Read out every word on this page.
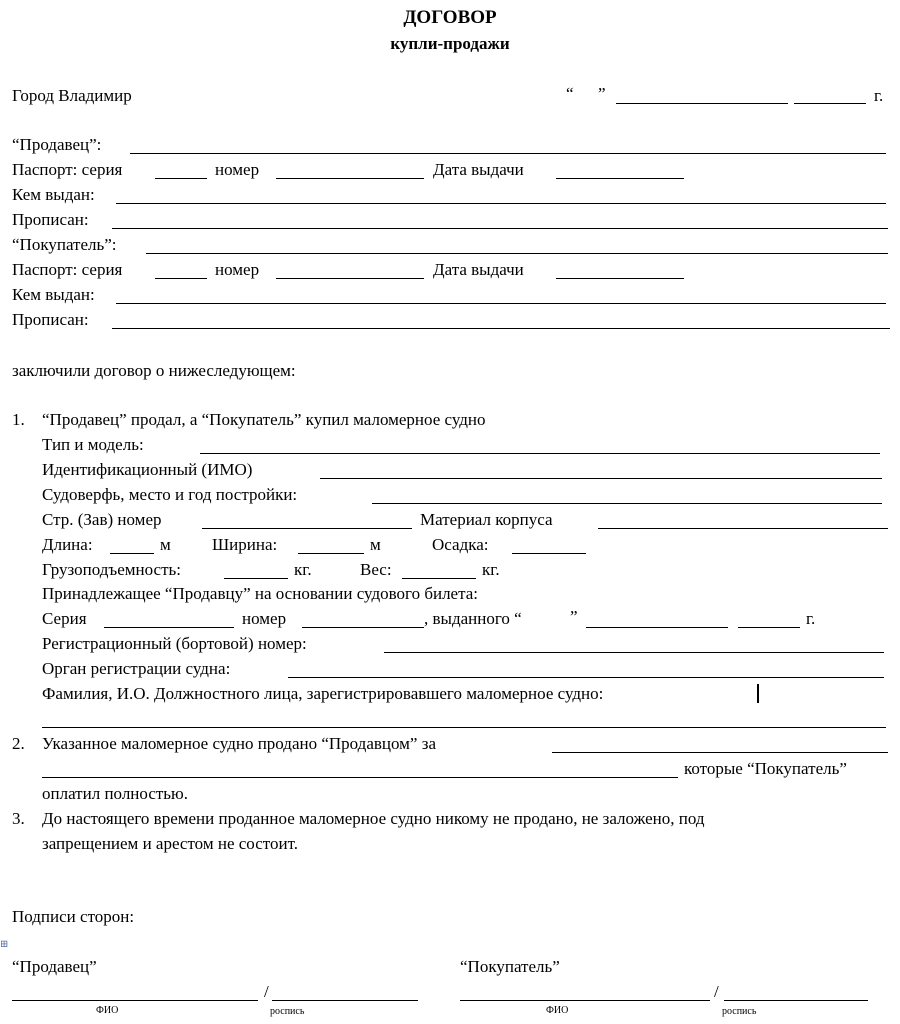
ДОГОВОР
купли-продажи
Город Владимир	“ ”	г.
“Продавец”:
Паспорт: серия	номер	Дата выдачи
Кем выдан:
Прописан:
“Покупатель”:
Паспорт: серия	номер	Дата выдачи
Кем выдан:
Прописан:
заключили договор о нижеследующем:
1. “Продавец” продал, а “Покупатель” купил маломерное судно
Тип и модель:
Идентификационный (ИМО)
Судоверфь, место и год постройки:
Стр. (Зав) номер	Материал корпуса
Длина:	м Ширина:	м	Осадка:
Грузоподъемность:	кг.	Вес:	кг.
Принадлежащее “Продавцу” на основании судового билета:
Серия	номер	, выданного “	”	г.
Регистрационный (бортовой) номер:
Орган регистрации судна:
Фамилия, И.О. Должностного лица, зарегистрировавшего маломерное судно:
2. Указанное маломерное судно продано “Продавцом” за
которые “Покупатель”
оплатил полностью.
3. До настоящего времени проданное маломерное судно никому не продано, не заложено, под
запрещением и арестом не состоит.
Подписи сторон:
⊞
“Продавец”	“Покупатель”
/
ФИО	роспись
/
ФИО	роспись
